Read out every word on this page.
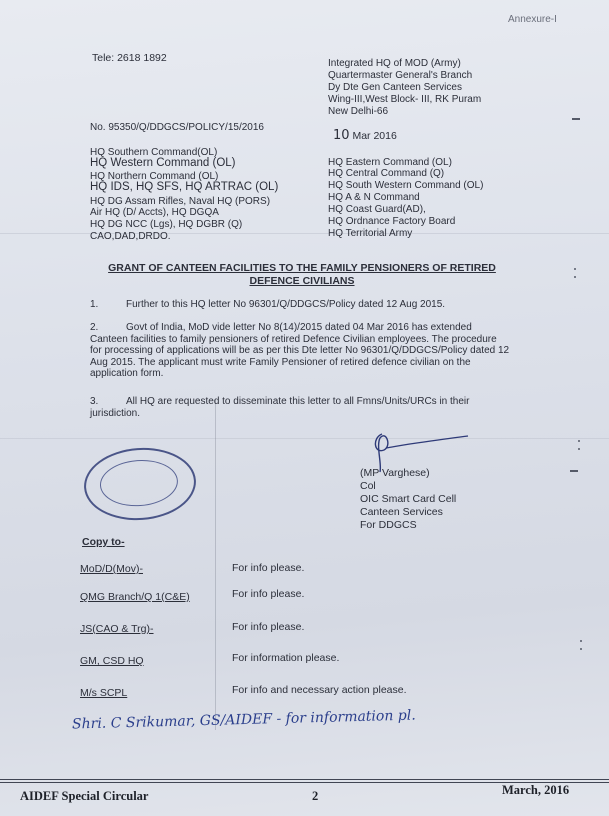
Annexure-I
Tele: 2618 1892	Integrated HQ of MOD (Army)
Quartermaster General's Branch
Dy Dte Gen Canteen Services
Wing-III,West Block- III, RK Puram
New Delhi-66
No. 95350/Q/DDGCS/POLICY/15/2016
10 Mar 2016
HQ Southern Command(OL)
HQ Western Command (OL)
HQ Northern Command (OL)
HQ IDS, HQ SFS, HQ ARTRAC (OL)
HQ DG Assam Rifles, Naval HQ (PORS)
Air HQ (D/ Accts), HQ DGQA
HQ DG NCC (Lgs), HQ DGBR (Q)
CAO,DAD,DRDO.
HQ Eastern Command (OL)
HQ Central Command (Q)
HQ South Western Command (OL)
HQ A & N Command
HQ Coast Guard(AD),
HQ Ordnance Factory Board
HQ Territorial Army
GRANT OF CANTEEN FACILITIES TO THE FAMILY PENSIONERS OF RETIRED
DEFENCE CIVILIANS
1.	Further to this HQ letter No 96301/Q/DDGCS/Policy dated 12 Aug 2015.
2.	Govt of India, MoD vide letter No 8(14)/2015 dated 04 Mar 2016 has extended Canteen facilities to family pensioners of retired Defence Civilian employees. The procedure for processing of applications will be as per this Dte letter No 96301/Q/DDGCS/Policy dated 12 Aug 2015. The applicant must write Family Pensioner of retired defence civilian on the application form.
3.	All HQ are requested to disseminate this letter to all Fmns/Units/URCs in their jurisdiction.
(MP Varghese)
Col
OIC Smart Card Cell
Canteen Services
For DDGCS
Copy to-
MoD/D(Mov)-	For info please.
QMG Branch/Q 1(C&E)	For info please.
JS(CAO & Trg)-	For info please.
GM, CSD HQ	For information please.
M/s SCPL	For info and necessary action please.
Shri. C Srikumar, GS/AIDEF - for information pl.
AIDEF Special Circular	2	March, 2016
